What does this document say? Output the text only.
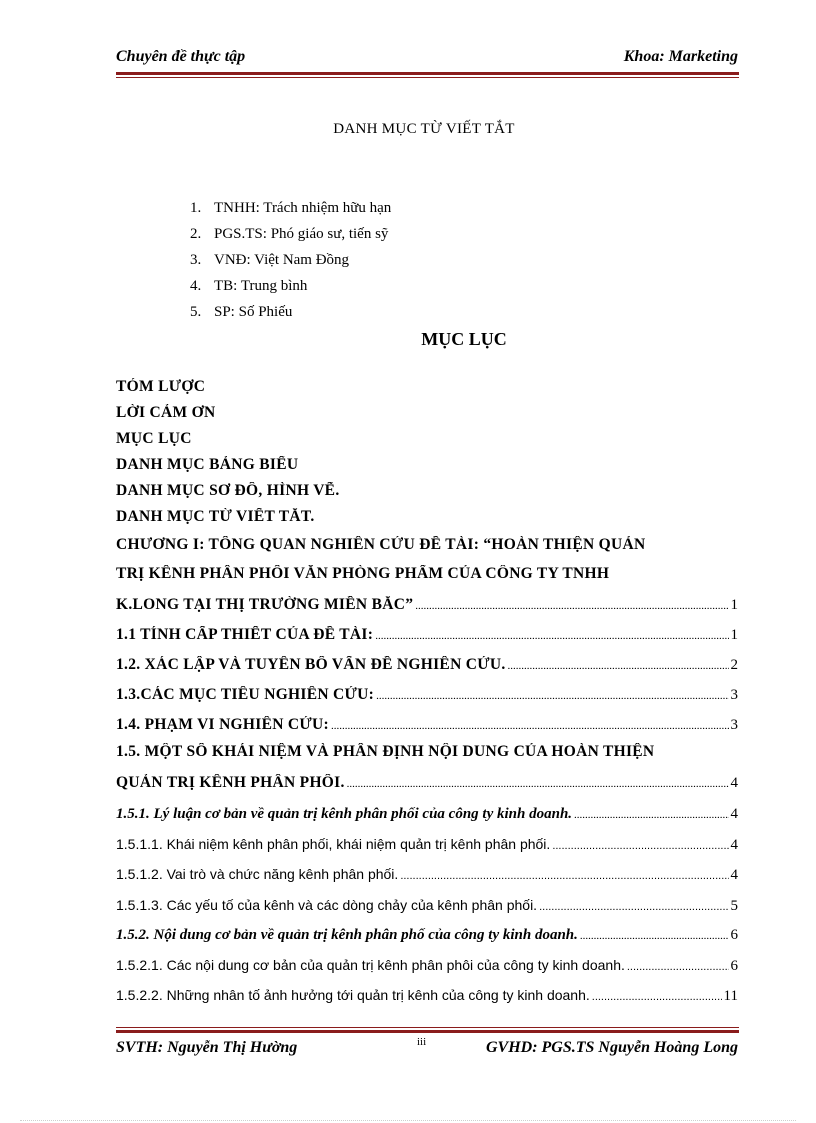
Chuyên đề thực tập	Khoa: Marketing
DANH MỤC TỪ VIẾT TẮT
1. TNHH: Trách nhiệm hữu hạn
2. PGS.TS: Phó giáo sư, tiến sỹ
3. VNĐ: Việt Nam Đồng
4. TB: Trung bình
5. SP: Số Phiếu
MỤC LỤC
TÓM LƯỢC
LỜI CẢM ƠN
MỤC LỤC
DANH MỤC BẢNG BIỂU
DANH MỤC SƠ ĐỒ, HÌNH VẼ.
DANH MỤC TỪ VIẾT TẮT.
CHƯƠNG I: TỔNG QUAN NGHIÊN CỨU ĐỀ TÀI: “HOÀN THIỆN QUẢN
TRỊ KÊNH PHÂN PHỐI VĂN PHÒNG PHẨM CỦA CÔNG TY TNHH
K.LONG TẠI THỊ TRƯỜNG MIỀN BẮC” .....	1
1.1 TÍNH CẤP THIẾT CỦA ĐỀ TÀI: .....	1
1.2. XÁC LẬP VÀ TUYÊN BỐ VẤN ĐỀ NGHIÊN CỨU. .....	2
1.3.CÁC MỤC TIÊU NGHIÊN CỨU: .....	3
1.4. PHẠM VI NGHIÊN CỨU: .....	3
1.5. MỘT SỐ KHÁI NIỆM VÀ PHÂN ĐỊNH NỘI DUNG CỦA HOÀN THIỆN
QUẢN TRỊ KÊNH PHÂN PHỐI. .....	4
1.5.1. Lý luận cơ bản về quản trị kênh phân phối của công ty kinh doanh. .....	4
1.5.1.1. Khái niệm kênh phân phối, khái niệm quản trị kênh phân phối. .....	4
1.5.1.2. Vai trò và chức năng kênh phân phối. .....	4
1.5.1.3. Các yếu tố của kênh và các dòng chảy của kênh phân phối. .....	5
1.5.2. Nội dung cơ bản về quản trị kênh phân phố của công ty kinh doanh. .....	6
1.5.2.1. Các nội dung cơ bản của quản trị kênh phân phôi của công ty kinh doanh. .....	6
1.5.2.2. Những nhân tố ảnh hưởng tới quản trị kênh của công ty kinh doanh. .....	11
SVTH: Nguyễn Thị Hường	iii	GVHD: PGS.TS Nguyễn Hoàng Long
